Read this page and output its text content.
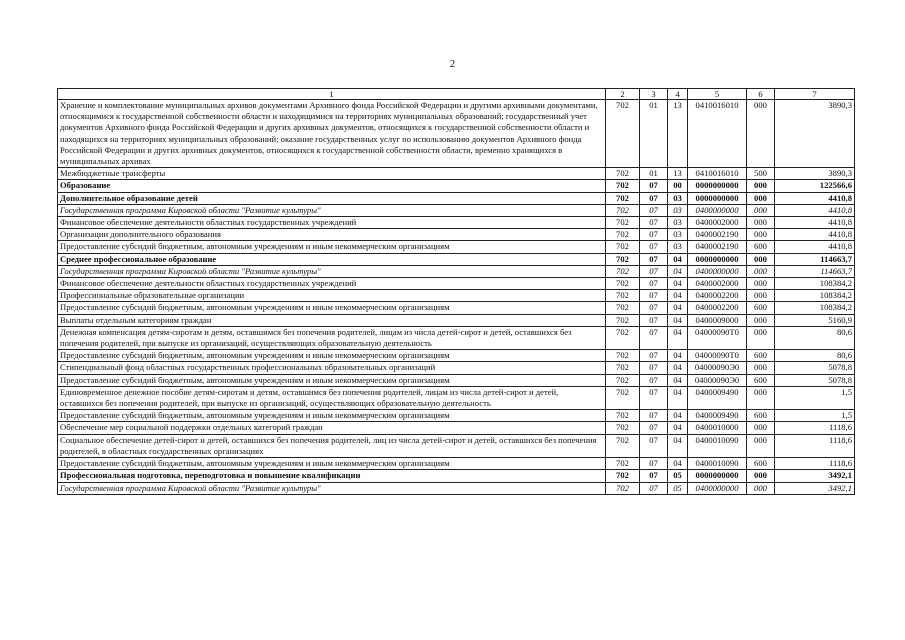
2
1	2	3	4	5	6	7
Хранение и комплектование муниципальных архивов документами Архивного фонда Российской Федерации и другими архивными документами, относящимися к государственной собственности области и находящимися на территориях муниципальных образований; государственный учет документов Архивного фонда Российской Федерации и других архивных документов, относящихся к государственной собственности области и находящихся на территориях муниципальных образований; оказание государственных услуг по использованию документов Архивного фонда Российской Федерации и других архивных документов, относящихся к государственной собственности области, временно хранящихся в муниципальных архивах	702	01	13	0410016010	000	3890,3
Межбюджетные трансферты	702	01	13	0410016010	500	3890,3
Образование	702	07	00	0000000000	000	122566,6
Дополнительное образование детей	702	07	03	0000000000	000	4410,8
Государственная программа Кировской области "Развитие культуры"	702	07	03	0400000000	000	4410,8
Финансовое обеспечение деятельности областных государственных учреждений	702	07	03	0400002000	000	4410,8
Организации дополнительного образования	702	07	03	0400002190	000	4410,8
Предоставление субсидий бюджетным, автономным учреждениям и иным некоммерческим организациям	702	07	03	0400002190	600	4410,8
Среднее профессиональное образование	702	07	04	0000000000	000	114663,7
Государственная программа Кировской области "Развитие культуры"	702	07	04	0400000000	000	114663,7
Финансовое обеспечение деятельности областных государственных учреждений	702	07	04	0400002000	000	108384,2
Профессиональные образовательные организации	702	07	04	0400002200	000	108384,2
Предоставление субсидий бюджетным, автономным учреждениям и иным некоммерческим организациям	702	07	04	0400002200	600	108384,2
Выплаты отдельным категориям граждан	702	07	04	0400009000	000	5160,9
Денежная компенсация детям-сиротам и детям, оставшимся без попечения родителей, лицам из числа детей-сирот и детей, оставшихся без попечения родителей, при выпуске из организаций, осуществляющих образовательную деятельность	702	07	04	04000090Т0	000	80,6
Предоставление субсидий бюджетным, автономным учреждениям и иным некоммерческим организациям	702	07	04	04000090Т0	600	80,6
Стипендиальный фонд областных государственных профессиональных образовательных организаций	702	07	04	04000090Э0	000	5078,8
Предоставление субсидий бюджетным, автономным учреждениям и иным некоммерческим организациям	702	07	04	04000090Э0	600	5078,8
Единовременное денежное пособие детям-сиротам и детям, оставшимся без попечения родителей, лицам из числа детей-сирот и детей, оставшихся без попечения родителей, при выпуске из организаций, осуществляющих образовательную деятельность	702	07	04	0400009490	000	1,5
Предоставление субсидий бюджетным, автономным учреждениям и иным некоммерческим организациям	702	07	04	0400009490	600	1,5
Обеспечение мер социальной поддержки отдельных категорий граждан	702	07	04	0400010000	000	1118,6
Социальное обеспечение детей-сирот и детей, оставшихся без попечения родителей, лиц из числа детей-сирот и детей, оставшихся без попечения родителей, в областных государственных организациях	702	07	04	0400010090	000	1118,6
Предоставление субсидий бюджетным, автономным учреждениям и иным некоммерческим организациям	702	07	04	0400010090	600	1118,6
Профессиональная подготовка, переподготовка и повышение квалификации	702	07	05	0000000000	000	3492,1
Государственная программа Кировской области "Развитие культуры"	702	07	05	0400000000	000	3492,1
